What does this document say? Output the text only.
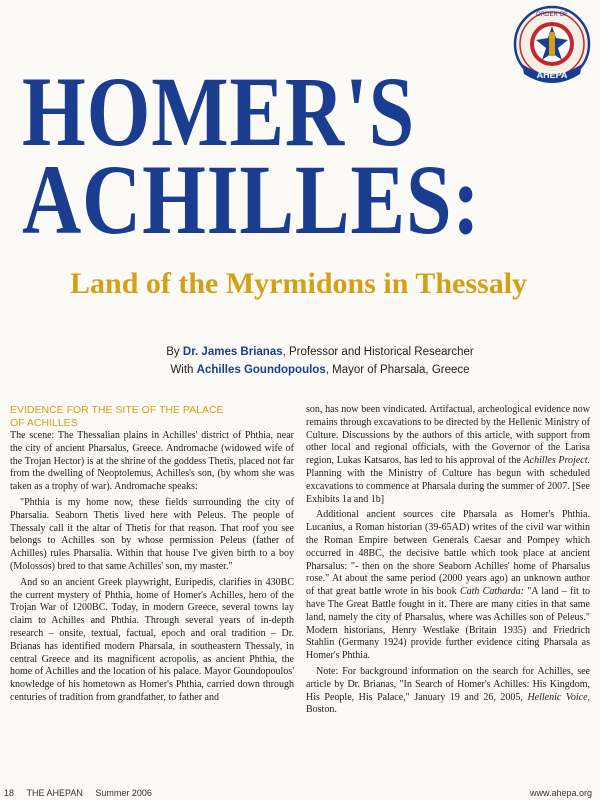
ORDER OF
AHEPA
HOMER'S
ACHILLES:
Land of the Myrmidons in Thessaly
By Dr. James Brianas, Professor and Historical Researcher
With Achilles Goundopoulos, Mayor of Pharsala, Greece
EVIDENCE FOR THE SITE OF THE PALACE
OF ACHILLES

The scene: The Thessalian plains in Achilles' district of Phthia, near the city of ancient Pharsalus, Greece. Andromache (widowed wife of the Trojan Hector) is at the shrine of the goddess Thetis, placed not far from the dwelling of Neoptolemus, Achilles's son, (by whom she was taken as a trophy of war). Andromache speaks:

"Phthia is my home now, these fields surrounding the city of Pharsalia. Seaborn Thetis lived here with Peleus. The people of Thessaly call it the altar of Thetis for that reason. That roof you see belongs to Achilles son by whose permission Peleus (father of Achilles) rules Pharsalia. Within that house I've given birth to a boy (Molossos) bred to that same Achilles' son, my master."

And so an ancient Greek playwright, Euripedis, clarifies in 430BC the current mystery of Phthia, home of Homer's Achilles, hero of the Trojan War of 1200BC. Today, in modern Greece, several towns lay claim to Achilles and Phthia. Through several years of in-depth research – onsite, textual, factual, epoch and oral tradition – Dr. Brianas has identified modern Pharsala, in southeastern Thessaly, in central Greece and its magnificent acropolis, as ancient Phthia, the home of Achilles and the location of his palace. Mayor Goundopoulos' knowledge of his hometown as Homer's Phthia, carried down through centuries of tradition from grandfather, to father and

son, has now been vindicated. Artifactual, archeological evidence now remains through excavations to be directed by the Hellenic Ministry of Culture. Discussions by the authors of this article, with support from other local and regional officials, with the Governor of the Larisa region, Lukas Katsaros, has led to his approval of the Achilles Project. Planning with the Ministry of Culture has begun with scheduled excavations to commence at Pharsala during the summer of 2007. [See Exhibits 1a and 1b]

Additional ancient sources cite Pharsala as Homer's Phthia. Lucanius, a Roman historian (39-65AD) writes of the civil war within the Roman Empire between Generals Caesar and Pompey which occurred in 48BC, the decisive battle which took place at ancient Pharsalus: "- then on the shore Seaborn Achilles' home of Pharsalus rose." At about the same period (2000 years ago) an unknown author of that great battle wrote in his book Cath Catharda: "A land – fit to have The Great Battle fought in it. There are many cities in that same land, namely the city of Pharsalus, where was Achilles son of Peleus." Modern historians, Henry Westlake (Britain 1935) and Friedrich Stahlin (Germany 1924) provide further evidence citing Pharsala as Homer's Phthia.

Note: For background information on the search for Achilles, see article by Dr. Brianas, "In Search of Homer's Achilles: His Kingdom, His People, His Palace," January 19 and 26, 2005, Hellenic Voice, Boston.

18 THE AHEPAN Summer 2006	www.ahepa.org
